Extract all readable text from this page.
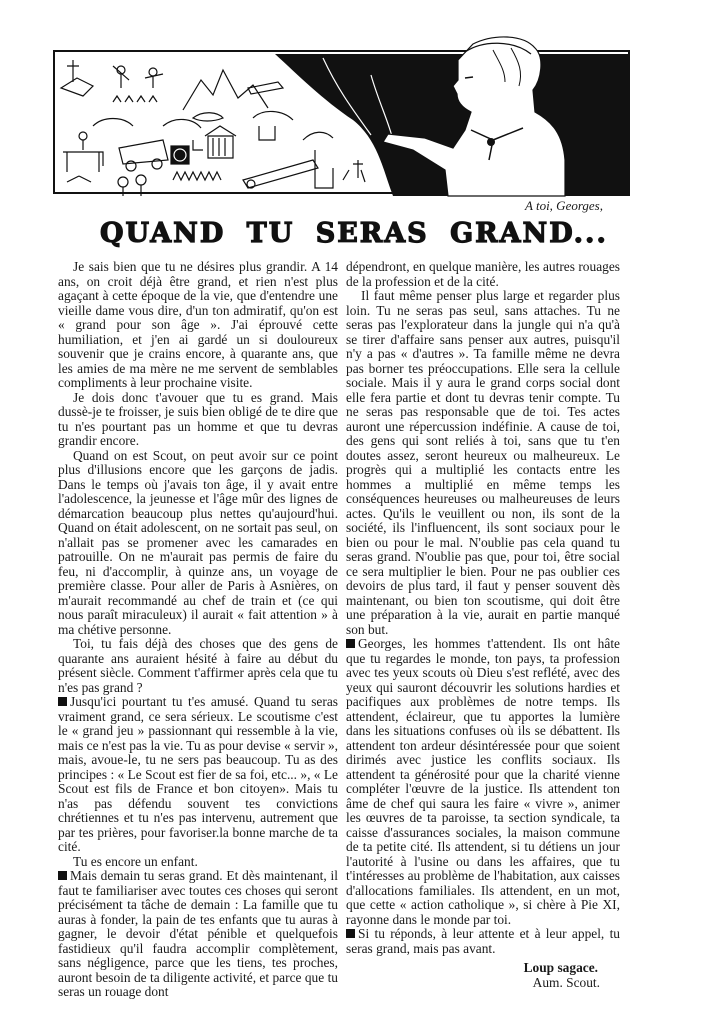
A toi, Georges,
QUAND TU SERAS GRAND...

Je sais bien que tu ne désires plus grandir. A 14 ans, on croit déjà être grand, et rien n'est plus agaçant à cette époque de la vie, que d'entendre une vieille dame vous dire, d'un ton admiratif, qu'on est « grand pour son âge ». J'ai éprouvé cette humiliation, et j'en ai gardé un si douloureux souvenir que je crains encore, à quarante ans, que les amies de ma mère ne me servent de semblables compliments à leur prochaine visite.

Je dois donc t'avouer que tu es grand. Mais dussè-je te froisser, je suis bien obligé de te dire que tu n'es pourtant pas un homme et que tu devras grandir encore.

Quand on est Scout, on peut avoir sur ce point plus d'illusions encore que les garçons de jadis. Dans le temps où j'avais ton âge, il y avait entre l'adolescence, la jeunesse et l'âge mûr des lignes de démarcation beaucoup plus nettes qu'aujourd'hui. Quand on était adolescent, on ne sortait pas seul, on n'allait pas se promener avec les camarades en patrouille. On ne m'aurait pas permis de faire du feu, ni d'accomplir, à quinze ans, un voyage de première classe. Pour aller de Paris à Asnières, on m'aurait recommandé au chef de train et (ce qui nous paraît miraculeux) il aurait « fait attention » à ma chétive personne.

Toi, tu fais déjà des choses que des gens de quarante ans auraient hésité à faire au début du présent siècle. Comment t'affirmer après cela que tu n'es pas grand ?

Jusqu'ici pourtant tu t'es amusé. Quand tu seras vraiment grand, ce sera sérieux. Le scoutisme c'est le « grand jeu » passionnant qui ressemble à la vie, mais ce n'est pas la vie. Tu as pour devise « servir », mais, avoue-le, tu ne sers pas beaucoup. Tu as des principes : « Le Scout est fier de sa foi, etc... », « Le Scout est fils de France et bon citoyen». Mais tu n'as pas défendu souvent tes convictions chrétiennes et tu n'es pas intervenu, autrement que par tes prières, pour favoriser.la bonne marche de ta cité.

Tu es encore un enfant.

Mais demain tu seras grand. Et dès maintenant, il faut te familiariser avec toutes ces choses qui seront précisément ta tâche de demain : La famille que tu auras à fonder, la pain de tes enfants que tu auras à gagner, le devoir d'état pénible et quelquefois fastidieux qu'il faudra accomplir complètement, sans négligence, parce que les tiens, tes proches, auront besoin de ta diligente activité, et parce que tu seras un rouage dont

dépendront, en quelque manière, les autres rouages de la profession et de la cité.

Il faut même penser plus large et regarder plus loin. Tu ne seras pas seul, sans attaches. Tu ne seras pas l'explorateur dans la jungle qui n'a qu'à se tirer d'affaire sans penser aux autres, puisqu'il n'y a pas « d'autres ». Ta famille même ne devra pas borner tes préoccupations. Elle sera la cellule sociale. Mais il y aura le grand corps social dont elle fera partie et dont tu devras tenir compte. Tu ne seras pas responsable que de toi. Tes actes auront une répercussion indéfinie. A cause de toi, des gens qui sont reliés à toi, sans que tu t'en doutes assez, seront heureux ou malheureux. Le progrès qui a multiplié les contacts entre les hommes a multiplié en même temps les conséquences heureuses ou malheureuses de leurs actes. Qu'ils le veuillent ou non, ils sont de la société, ils l'influencent, ils sont sociaux pour le bien ou pour le mal. N'oublie pas cela quand tu seras grand. N'oublie pas que, pour toi, être social ce sera multiplier le bien. Pour ne pas oublier ces devoirs de plus tard, il faut y penser souvent dès maintenant, ou bien ton scoutisme, qui doit être une préparation à la vie, aurait en partie manqué son but.

Georges, les hommes t'attendent. Ils ont hâte que tu regardes le monde, ton pays, ta profession avec tes yeux scouts où Dieu s'est reflété, avec des yeux qui sauront découvrir les solutions hardies et pacifiques aux problèmes de notre temps. Ils attendent, éclaireur, que tu apportes la lumière dans les situations confuses où ils se débattent. Ils attendent ton ardeur désintéressée pour que soient dirimés avec justice les conflits sociaux. Ils attendent ta générosité pour que la charité vienne compléter l'œuvre de la justice. Ils attendent ton âme de chef qui saura les faire « vivre », animer les œuvres de ta paroisse, ta section syndicale, ta caisse d'assurances sociales, la maison commune de ta petite cité. Ils attendent, si tu détiens un jour l'autorité à l'usine ou dans les affaires, que tu t'intéresses au problème de l'habitation, aux caisses d'allocations familiales. Ils attendent, en un mot, que cette « action catholique », si chère à Pie XI, rayonne dans le monde par toi.

Si tu réponds, à leur attente et à leur appel, tu seras grand, mais pas avant.

Loup sagace.
Aum. Scout.
